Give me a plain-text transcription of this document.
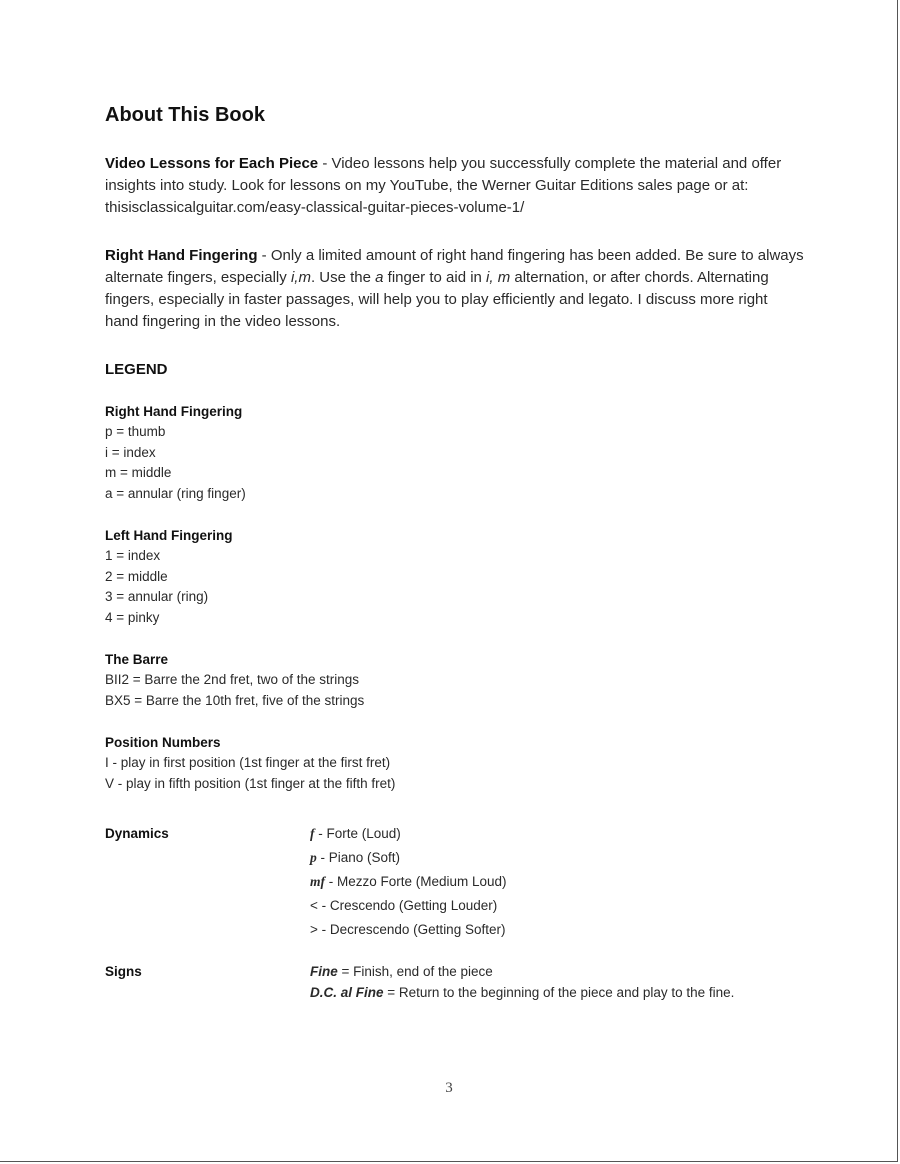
About This Book
Video Lessons for Each Piece - Video lessons help you successfully complete the material and offer insights into study. Look for lessons on my YouTube, the Werner Guitar Editions sales page or at: thisisclassicalguitar.com/easy-classical-guitar-pieces-volume-1/
Right Hand Fingering - Only a limited amount of right hand fingering has been added. Be sure to always alternate fingers, especially i,m. Use the a finger to aid in i, m alternation, or after chords. Alternating fingers, especially in faster passages, will help you to play efficiently and legato. I discuss more right hand fingering in the video lessons.
LEGEND
Right Hand Fingering
p = thumb
i = index
m = middle
a = annular (ring finger)
Left Hand Fingering
1 = index
2 = middle
3 = annular (ring)
4 = pinky
The Barre
BII2 = Barre the 2nd fret, two of the strings
BX5 = Barre the 10th fret, five of the strings
Position Numbers
I - play in first position (1st finger at the first fret)
V - play in fifth position (1st finger at the fifth fret)
Dynamics	f - Forte (Loud)
p - Piano (Soft)
mf - Mezzo Forte (Medium Loud)
< - Crescendo (Getting Louder)
> - Decrescendo (Getting Softer)
Signs	Fine = Finish, end of the piece
D.C. al Fine = Return to the beginning of the piece and play to the fine.
3
